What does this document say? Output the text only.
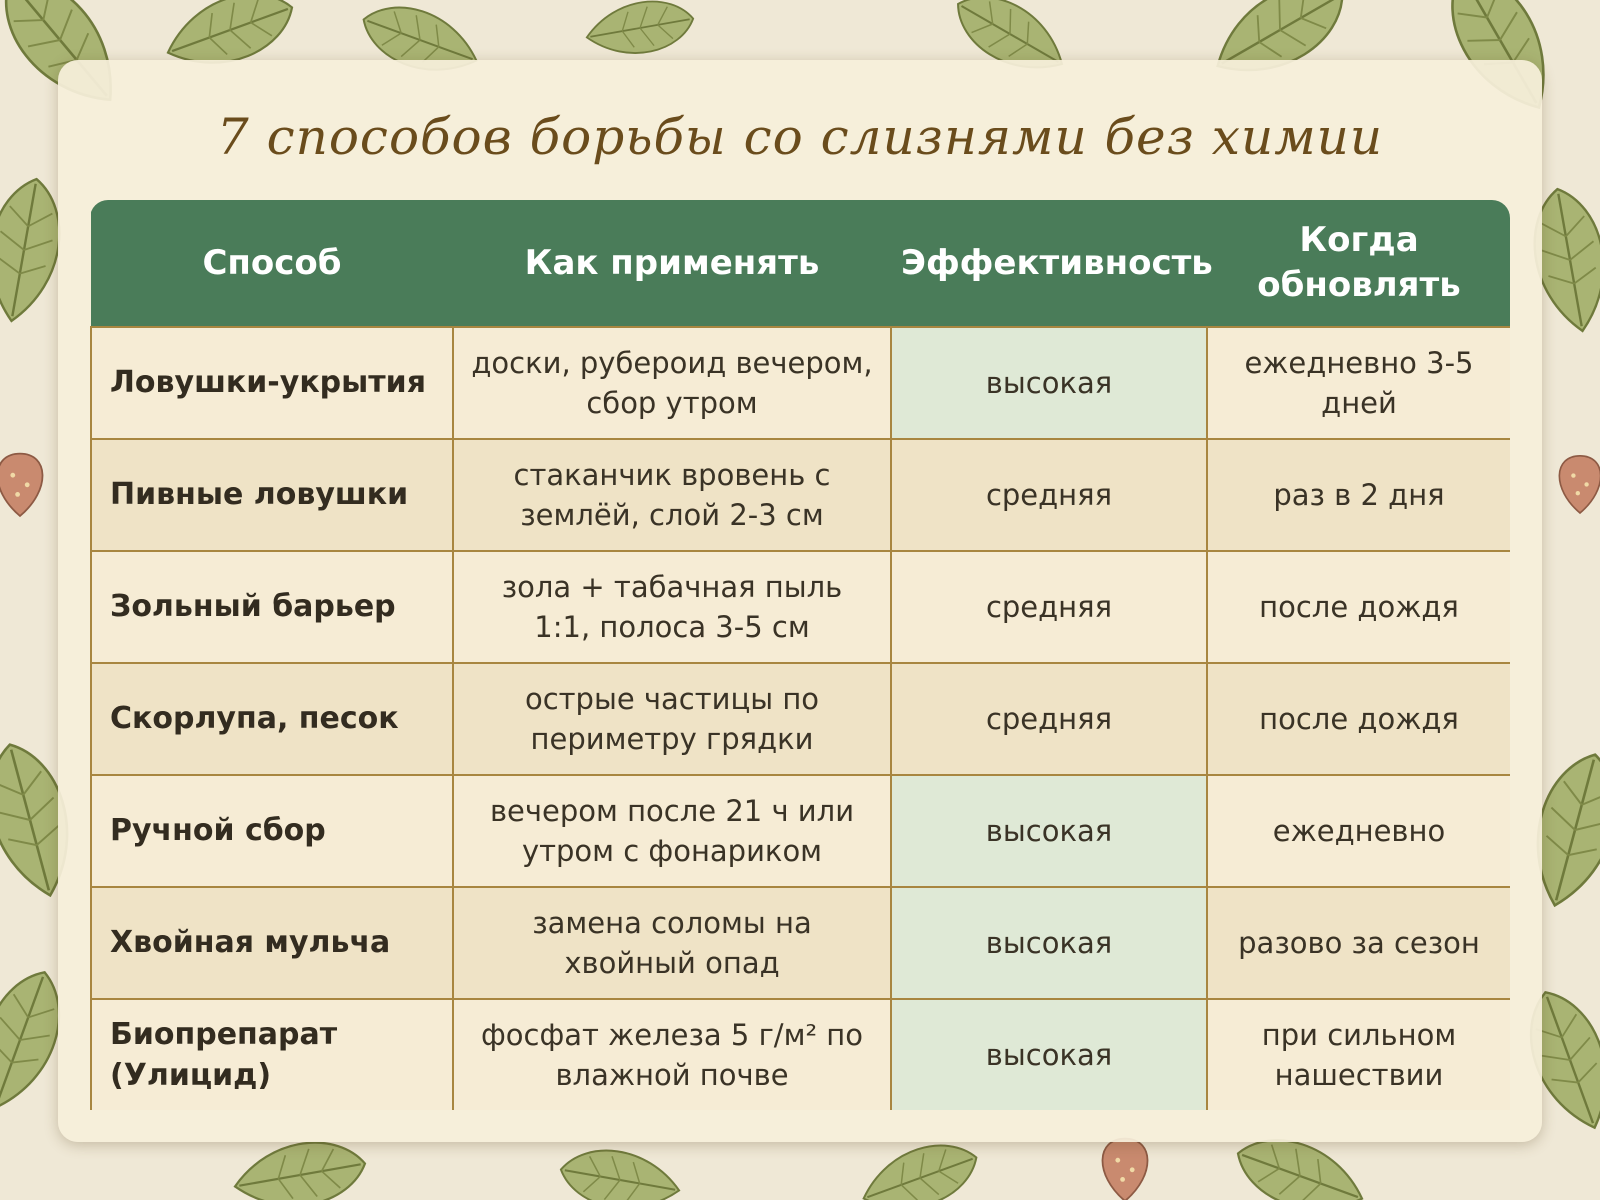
7 способов борьбы со слизнями без химии
Способ	Как применять	Эффективность	Когда обновлять
Ловушки-укрытия	доски, рубероид вечером, сбор утром	высокая	ежедневно 3-5 дней
Пивные ловушки	стаканчик вровень с землёй, слой 2-3 см	средняя	раз в 2 дня
Зольный барьер	зола + табачная пыль 1:1, полоса 3-5 см	средняя	после дождя
Скорлупа, песок	острые частицы по периметру грядки	средняя	после дождя
Ручной сбор	вечером после 21 ч или утром с фонариком	высокая	ежедневно
Хвойная мульча	замена соломы на хвойный опад	высокая	разово за сезон
Биопрепарат (Улицид)	фосфат железа 5 г/м² по влажной почве	высокая	при сильном нашествии
